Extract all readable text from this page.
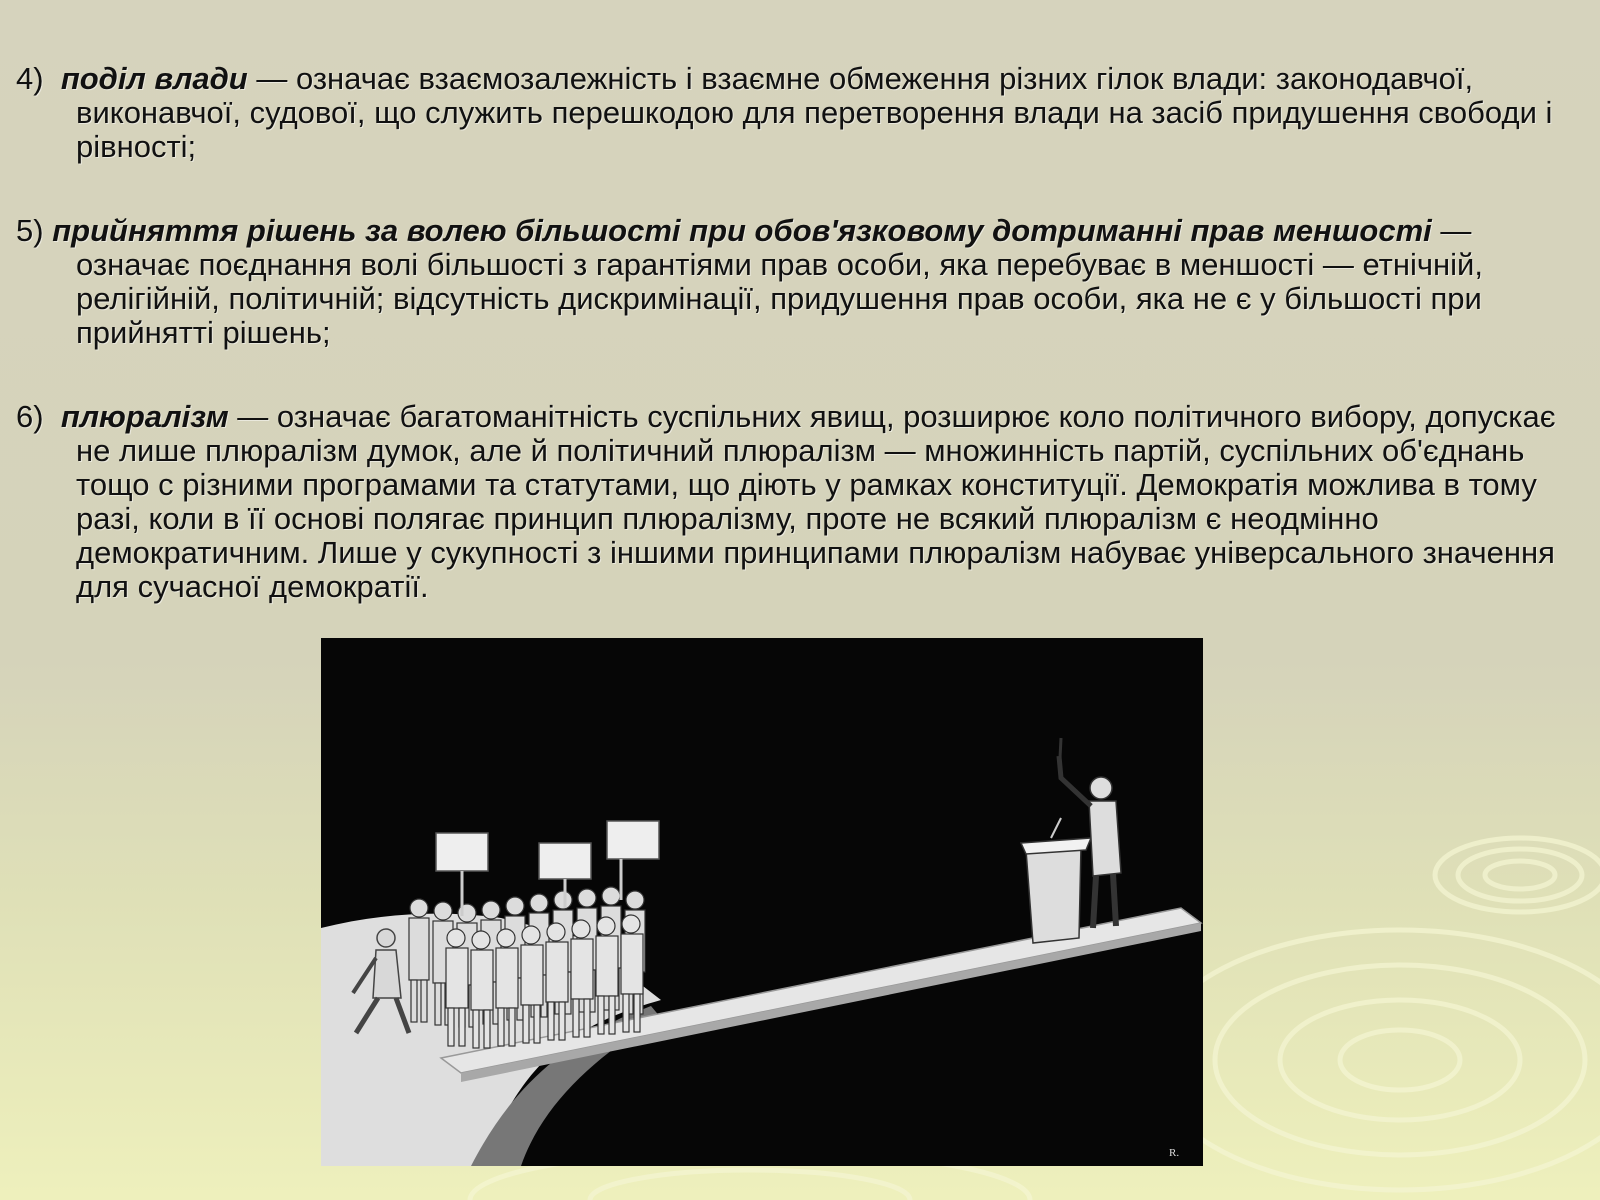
4) поділ влади — означає взаємозалежність і взаємне обмеження різних гілок влади: законодавчої, виконавчої, судової, що служить перешкодою для перетворення влади на засіб придушення свободи і рівності;

5) прийняття рішень за волею більшості при обов'язковому дотриманні прав меншості — означає поєднання волі більшості з гарантіями прав особи, яка перебуває в меншості — етнічній, релігійній, політичній; відсутність дискримінації, придушення прав особи, яка не є у більшості при прийнятті рішень;

6) плюралізм — означає багатоманітність суспільних явищ, розширює коло політичного вибору, допускає не лише плюралізм думок, але й політичний плюралізм — множинність партій, суспільних об'єднань тощо с різними програмами та статутами, що діють у рамках конституції. Демократія можлива в тому разі, коли в її основі полягає принцип плюралізму, проте не всякий плюралізм є неодмінно демократичним. Лише у сукупності з іншими принципами плюралізм набуває універсального значення для сучасної демократії.

R.
